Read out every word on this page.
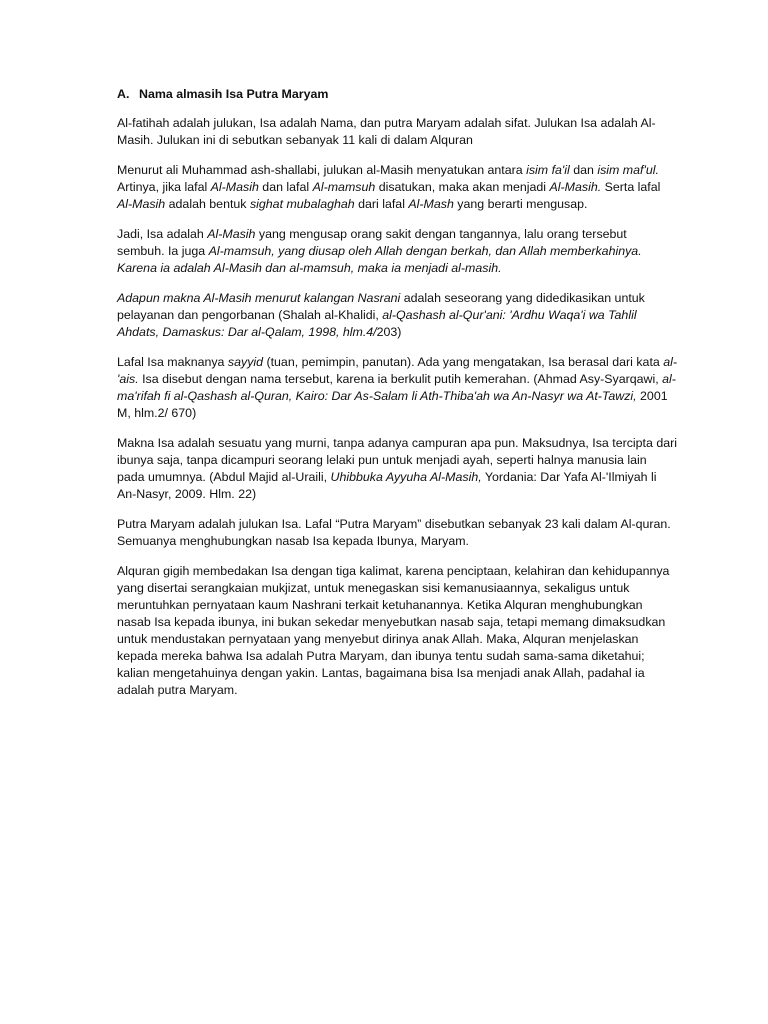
A. Nama almasih Isa Putra Maryam

Al-fatihah adalah julukan, Isa adalah Nama, dan putra Maryam adalah sifat. Julukan Isa adalah Al-Masih. Julukan ini di sebutkan sebanyak 11 kali di dalam Alquran

Menurut ali Muhammad ash-shallabi, julukan al-Masih menyatukan antara isim fa'il dan isim maf'ul. Artinya, jika lafal Al-Masih dan lafal Al-mamsuh disatukan, maka akan menjadi Al-Masih. Serta lafal Al-Masih adalah bentuk sighat mubalaghah dari lafal Al-Mash yang berarti mengusap.

Jadi, Isa adalah Al-Masih yang mengusap orang sakit dengan tangannya, lalu orang tersebut sembuh. Ia juga Al-mamsuh, yang diusap oleh Allah dengan berkah, dan Allah memberkahinya. Karena ia adalah Al-Masih dan al-mamsuh, maka ia menjadi al-masih.

Adapun makna Al-Masih menurut kalangan Nasrani adalah seseorang yang didedikasikan untuk pelayanan dan pengorbanan (Shalah al-Khalidi, al-Qashash al-Qur'ani: 'Ardhu Waqa'i wa Tahlil Ahdats, Damaskus: Dar al-Qalam, 1998, hlm.4/203)

Lafal Isa maknanya sayyid (tuan, pemimpin, panutan). Ada yang mengatakan, Isa berasal dari kata al-'ais. Isa disebut dengan nama tersebut, karena ia berkulit putih kemerahan. (Ahmad Asy-Syarqawi, al-ma'rifah fi al-Qashash al-Quran, Kairo: Dar As-Salam li Ath-Thiba'ah wa An-Nasyr wa At-Tawzi, 2001 M, hlm.2/ 670)

Makna Isa adalah sesuatu yang murni, tanpa adanya campuran apa pun. Maksudnya, Isa tercipta dari ibunya saja, tanpa dicampuri seorang lelaki pun untuk menjadi ayah, seperti halnya manusia lain pada umumnya. (Abdul Majid al-Uraili, Uhibbuka Ayyuha Al-Masih, Yordania: Dar Yafa Al-'Ilmiyah li An-Nasyr, 2009. Hlm. 22)

Putra Maryam adalah julukan Isa. Lafal “Putra Maryam” disebutkan sebanyak 23 kali dalam Al-quran. Semuanya menghubungkan nasab Isa kepada Ibunya, Maryam.

Alquran gigih membedakan Isa dengan tiga kalimat, karena penciptaan, kelahiran dan kehidupannya yang disertai serangkaian mukjizat, untuk menegaskan sisi kemanusiaannya, sekaligus untuk meruntuhkan pernyataan kaum Nashrani terkait ketuhanannya. Ketika Alquran menghubungkan nasab Isa kepada ibunya, ini bukan sekedar menyebutkan nasab saja, tetapi memang dimaksudkan untuk mendustakan pernyataan yang menyebut dirinya anak Allah. Maka, Alquran menjelaskan kepada mereka bahwa Isa adalah Putra Maryam, dan ibunya tentu sudah sama-sama diketahui; kalian mengetahuinya dengan yakin. Lantas, bagaimana bisa Isa menjadi anak Allah, padahal ia adalah putra Maryam.
